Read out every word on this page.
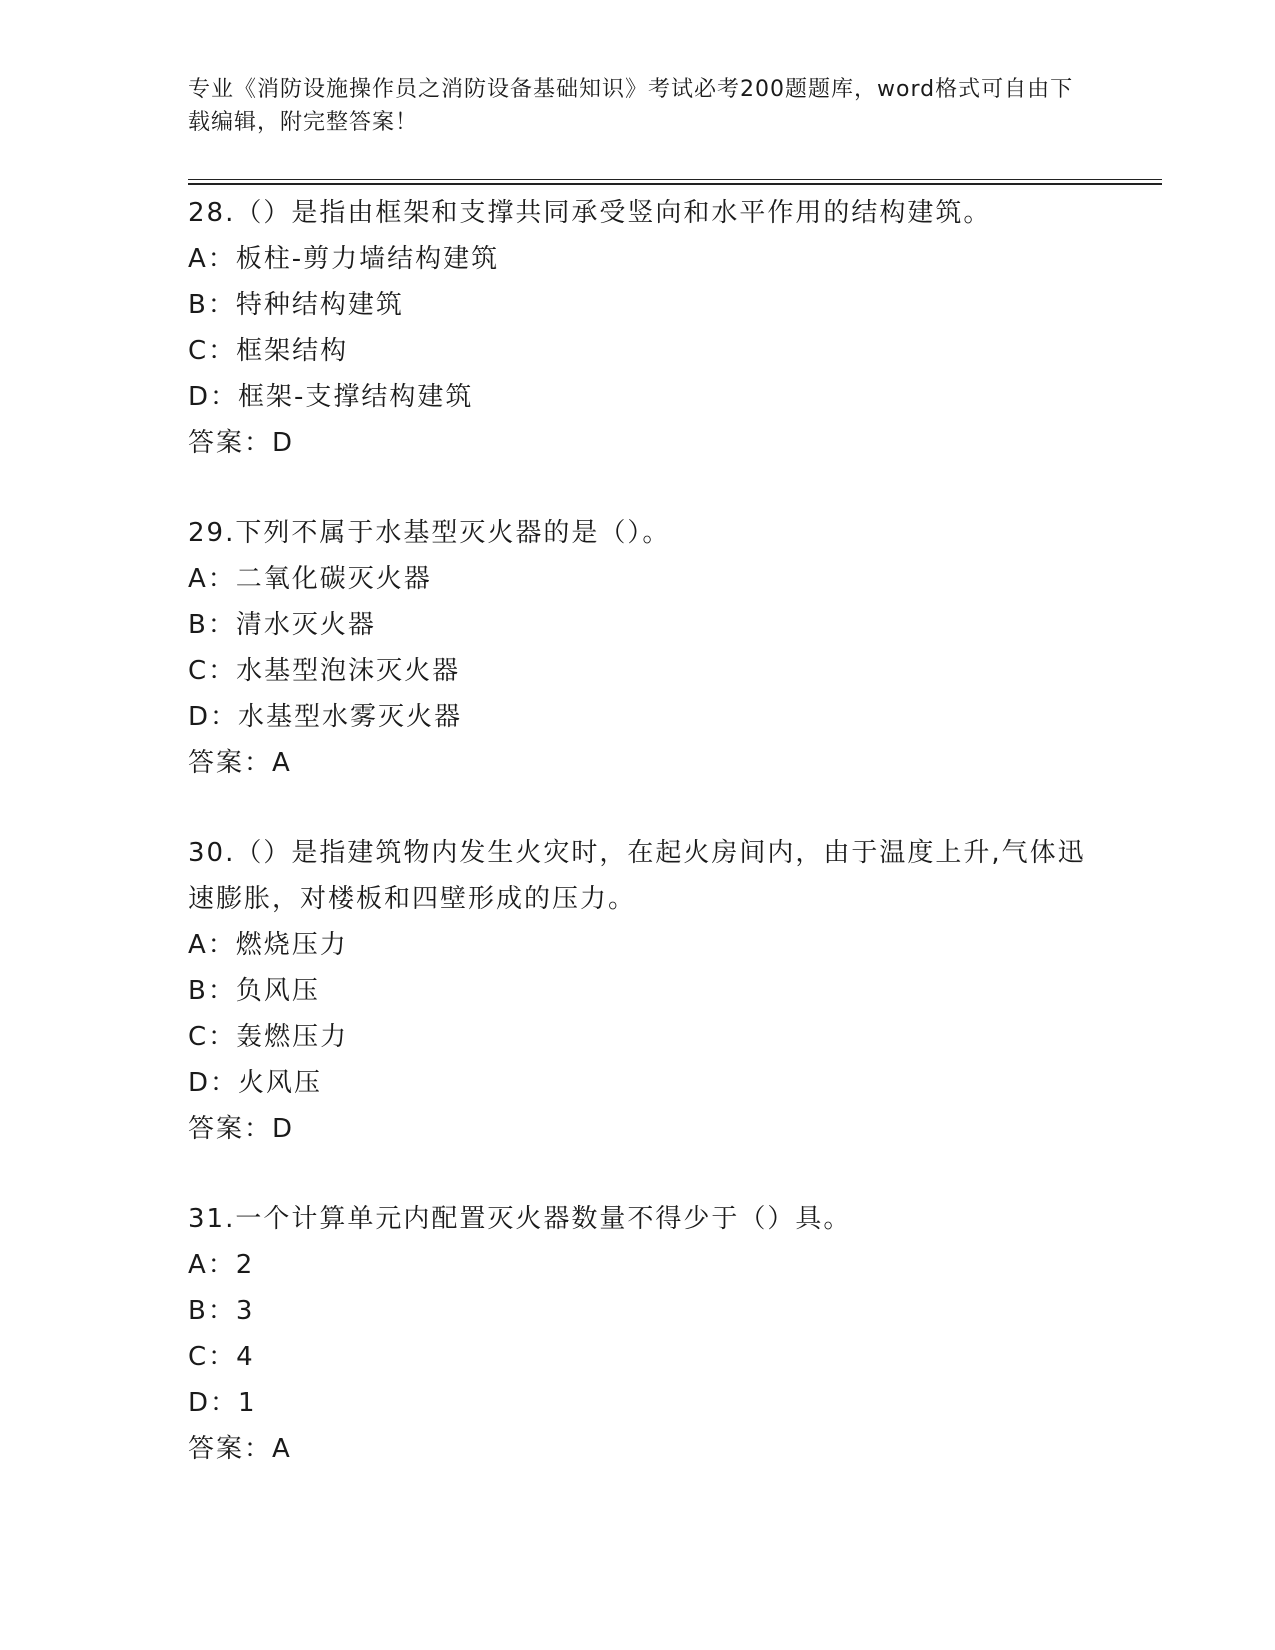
专业《消防设施操作员之消防设备基础知识》考试必考200题题库，word格式可自由下载编辑，附完整答案！
28.（）是指由框架和支撑共同承受竖向和水平作用的结构建筑。
A：板柱-剪力墙结构建筑
B：特种结构建筑
C：框架结构
D：框架-支撑结构建筑
答案：D
29.下列不属于水基型灭火器的是（）。
A：二氧化碳灭火器
B：清水灭火器
C：水基型泡沫灭火器
D：水基型水雾灭火器
答案：A
30.（）是指建筑物内发生火灾时，在起火房间内，由于温度上升,气体迅速膨胀，对楼板和四壁形成的压力。
A：燃烧压力
B：负风压
C：轰燃压力
D：火风压
答案：D
31.一个计算单元内配置灭火器数量不得少于（）具。
A：2
B：3
C：4
D：1
答案：A
